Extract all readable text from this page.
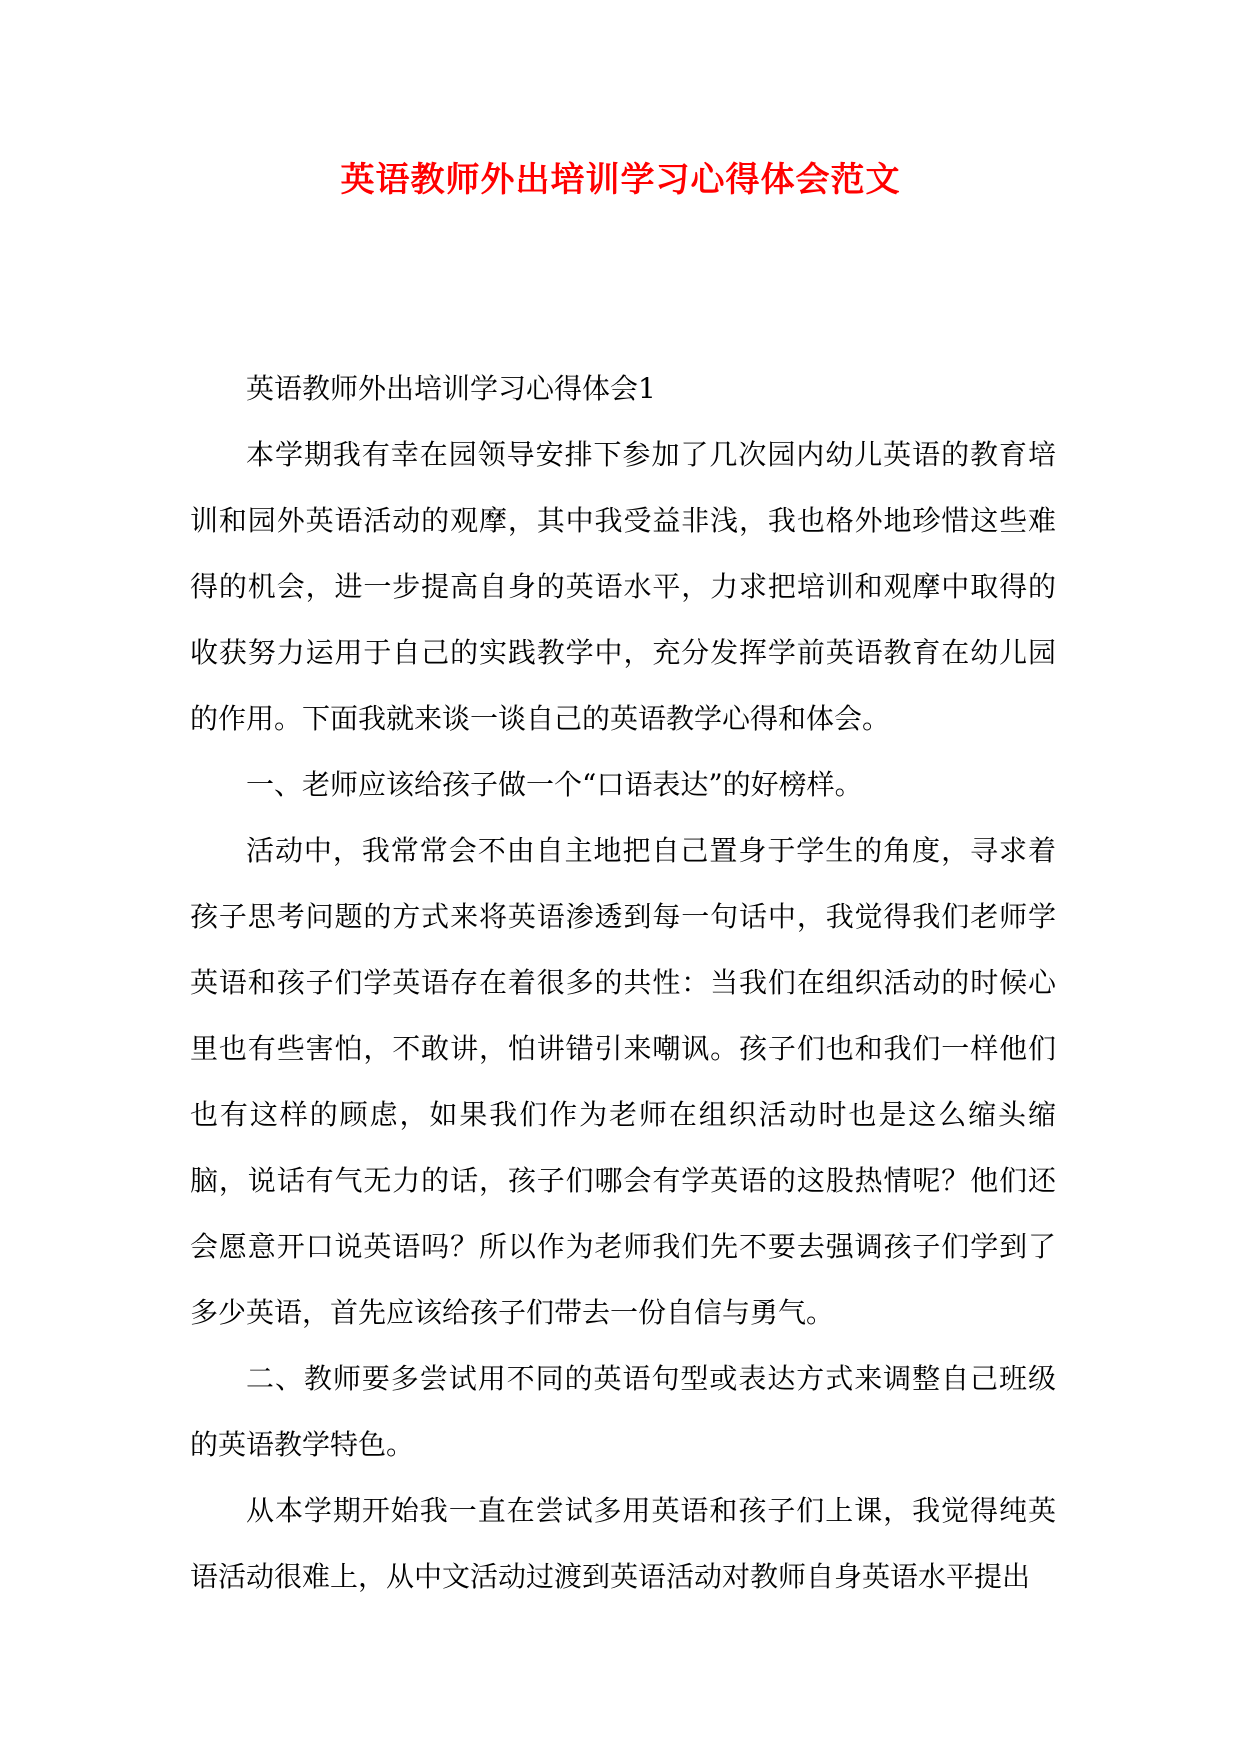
英语教师外出培训学习心得体会范文

英语教师外出培训学习心得体会1

本学期我有幸在园领导安排下参加了几次园内幼儿英语的教育培训和园外英语活动的观摩，其中我受益非浅，我也格外地珍惜这些难得的机会，进一步提高自身的英语水平，力求把培训和观摩中取得的收获努力运用于自己的实践教学中，充分发挥学前英语教育在幼儿园的作用。下面我就来谈一谈自己的英语教学心得和体会。

一、老师应该给孩子做一个“口语表达”的好榜样。

活动中，我常常会不由自主地把自己置身于学生的角度，寻求着孩子思考问题的方式来将英语渗透到每一句话中，我觉得我们老师学英语和孩子们学英语存在着很多的共性：当我们在组织活动的时候心里也有些害怕，不敢讲，怕讲错引来嘲讽。孩子们也和我们一样他们也有这样的顾虑，如果我们作为老师在组织活动时也是这么缩头缩脑，说话有气无力的话，孩子们哪会有学英语的这股热情呢？他们还会愿意开口说英语吗？所以作为老师我们先不要去强调孩子们学到了多少英语，首先应该给孩子们带去一份自信与勇气。

二、教师要多尝试用不同的英语句型或表达方式来调整自己班级的英语教学特色。

从本学期开始我一直在尝试多用英语和孩子们上课，我觉得纯英语活动很难上，从中文活动过渡到英语活动对教师自身英语水平提出
